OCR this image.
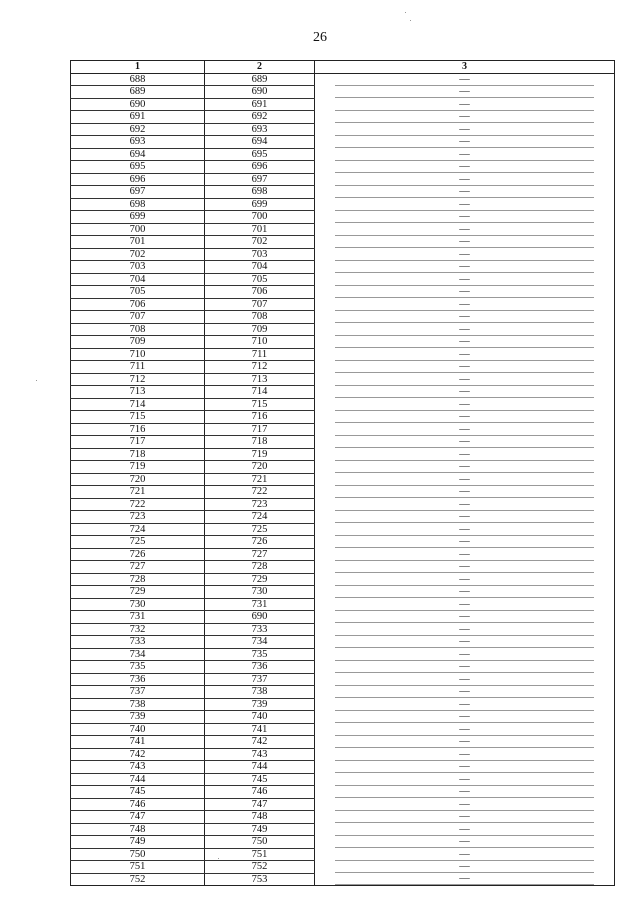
26
1	2	3
688	689	—
689	690	—
690	691	—
691	692	—
692	693	—
693	694	—
694	695	—
695	696	—
696	697	—
697	698	—
698	699	—
699	700	—
700	701	—
701	702	—
702	703	—
703	704	—
704	705	—
705	706	—
706	707	—
707	708	—
708	709	—
709	710	—
710	711	—
711	712	—
712	713	—
713	714	—
714	715	—
715	716	—
716	717	—
717	718	—
718	719	—
719	720	—
720	721	—
721	722	—
722	723	—
723	724	—
724	725	—
725	726	—
726	727	—
727	728	—
728	729	—
729	730	—
730	731	—
731	690	—
732	733	—
733	734	—
734	735	—
735	736	—
736	737	—
737	738	—
738	739	—
739	740	—
740	741	—
741	742	—
742	743	—
743	744	—
744	745	—
745	746	—
746	747	—
747	748	—
748	749	—
749	750	—
750	751	—
751	752	—
752	753	—
